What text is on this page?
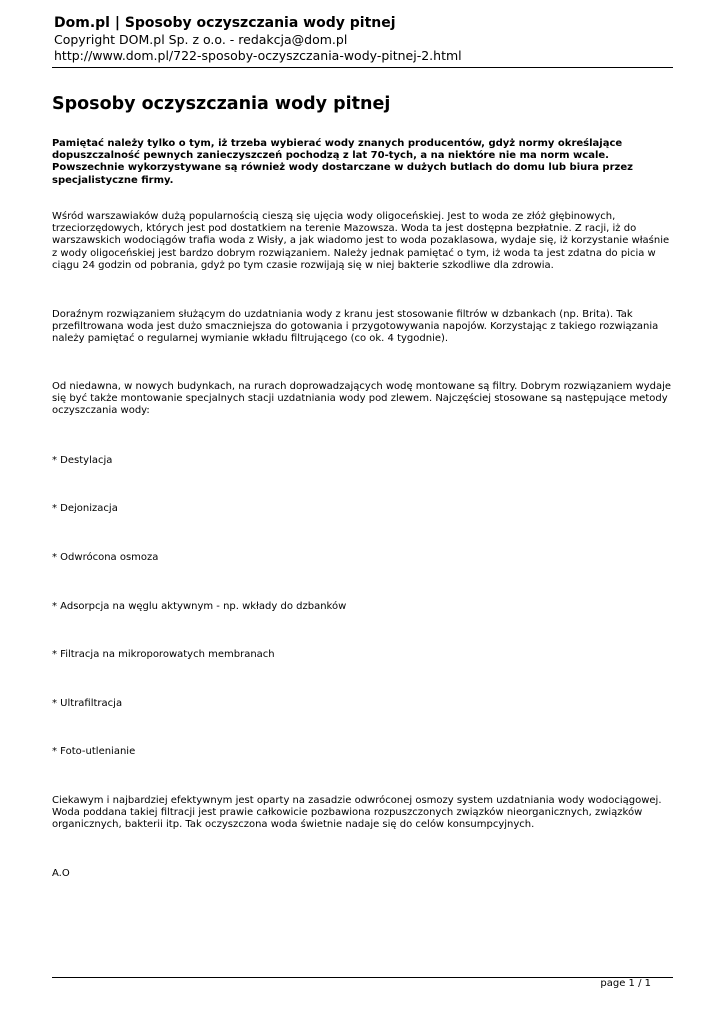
Dom.pl | Sposoby oczyszczania wody pitnej
Copyright DOM.pl Sp. z o.o. - redakcja@dom.pl
http://www.dom.pl/722-sposoby-oczyszczania-wody-pitnej-2.html
Sposoby oczyszczania wody pitnej

Pamiętać należy tylko o tym, iż trzeba wybierać wody znanych producentów, gdyż normy określające dopuszczalność pewnych zanieczyszczeń pochodzą z lat 70-tych, a na niektóre nie ma norm wcale. Powszechnie wykorzystywane są również wody dostarczane w dużych butlach do domu lub biura przez specjalistyczne firmy.

Wśród warszawiaków dużą popularnością cieszą się ujęcia wody oligoceńskiej. Jest to woda ze złóż głębinowych, trzeciorzędowych, których jest pod dostatkiem na terenie Mazowsza. Woda ta jest dostępna bezpłatnie. Z racji, iż do warszawskich wodociągów trafia woda z Wisły, a jak wiadomo jest to woda pozaklasowa, wydaje się, iż korzystanie właśnie z wody oligoceńskiej jest bardzo dobrym rozwiązaniem. Należy jednak pamiętać o tym, iż woda ta jest zdatna do picia w ciągu 24 godzin od pobrania, gdyż po tym czasie rozwijają się w niej bakterie szkodliwe dla zdrowia.

Doraźnym rozwiązaniem służącym do uzdatniania wody z kranu jest stosowanie filtrów w dzbankach (np. Brita). Tak przefiltrowana woda jest dużo smaczniejsza do gotowania i przygotowywania napojów. Korzystając z takiego rozwiązania należy pamiętać o regularnej wymianie wkładu filtrującego (co ok. 4 tygodnie).

Od niedawna, w nowych budynkach, na rurach doprowadzających wodę montowane są filtry. Dobrym rozwiązaniem wydaje się być także montowanie specjalnych stacji uzdatniania wody pod zlewem. Najczęściej stosowane są następujące metody oczyszczania wody:

* Destylacja

* Dejonizacja

* Odwrócona osmoza

* Adsorpcja na węglu aktywnym - np. wkłady do dzbanków

* Filtracja na mikroporowatych membranach

* Ultrafiltracja

* Foto-utlenianie

Ciekawym i najbardziej efektywnym jest oparty na zasadzie odwróconej osmozy system uzdatniania wody wodociągowej. Woda poddana takiej filtracji jest prawie całkowicie pozbawiona rozpuszczonych związków nieorganicznych, związków organicznych, bakterii itp. Tak oczyszczona woda świetnie nadaje się do celów konsumpcyjnych.

A.O

page 1 / 1
